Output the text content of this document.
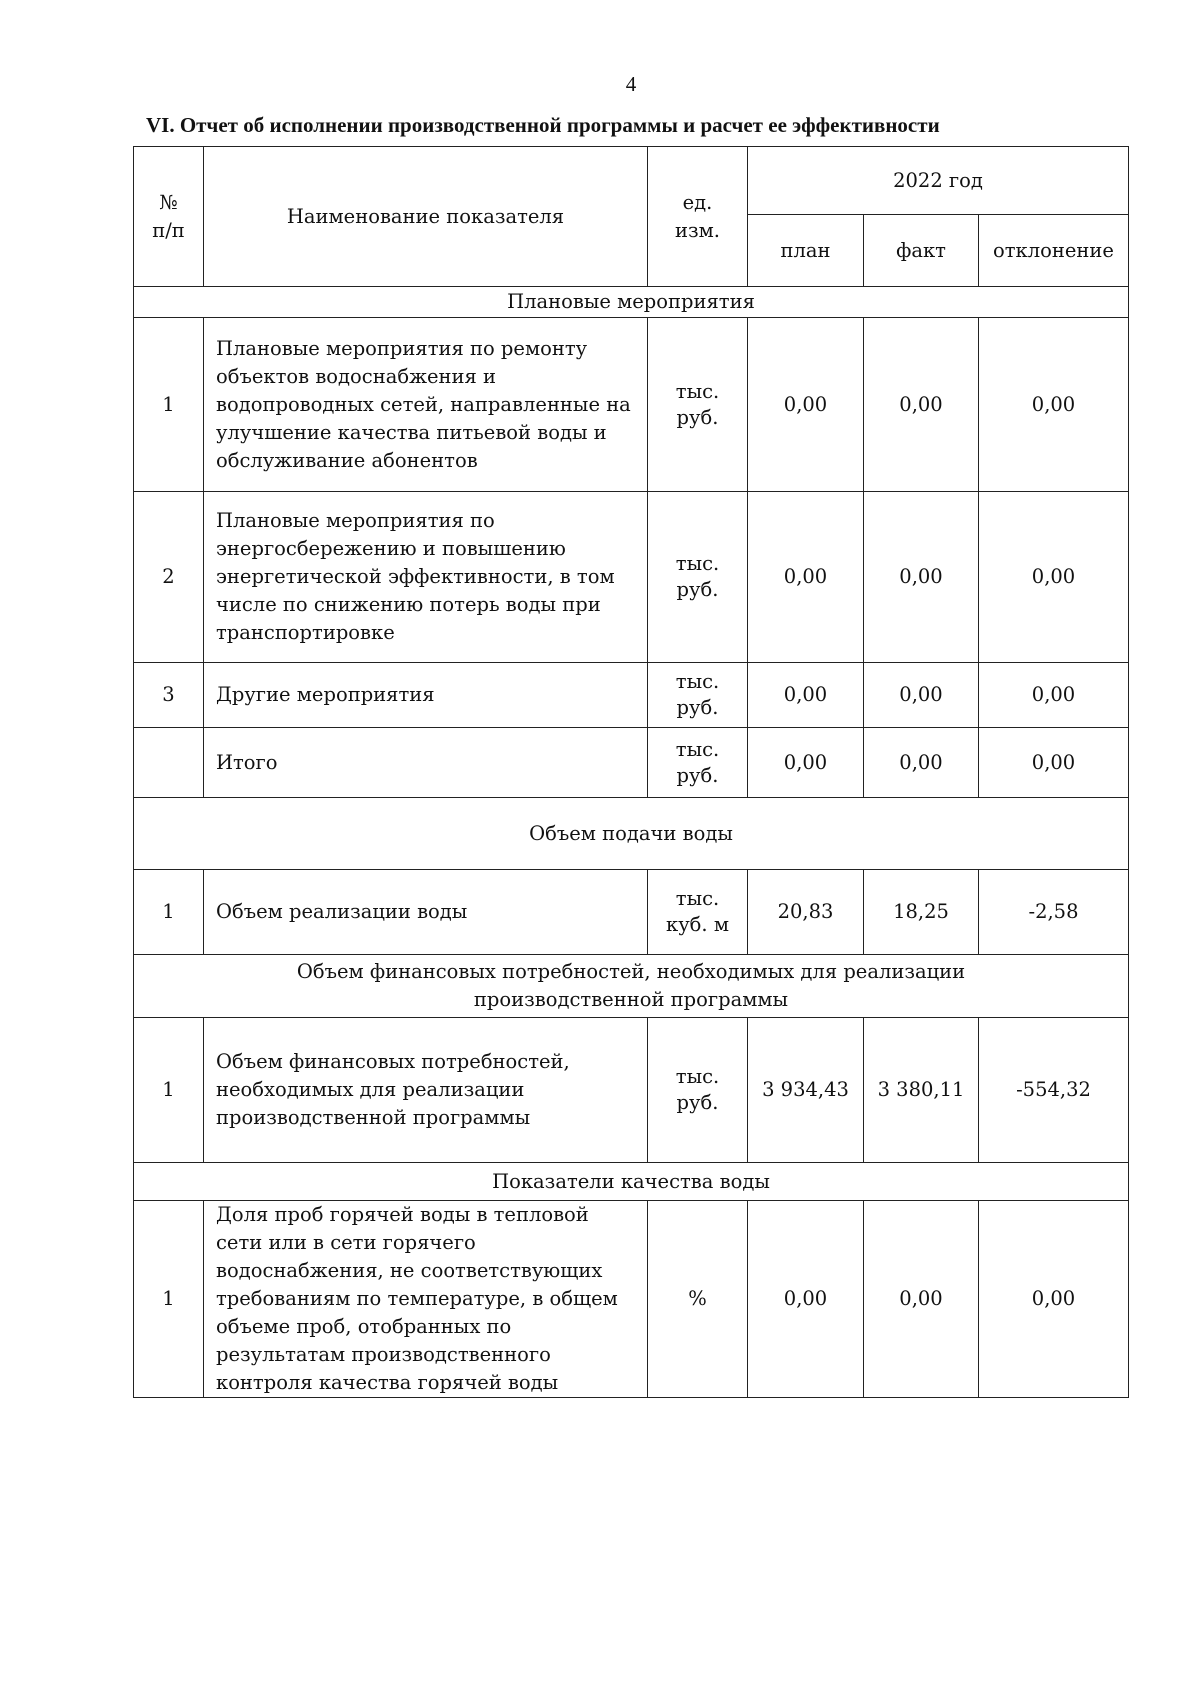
4
VI. Отчет об исполнении производственной программы и расчет ее эффективности
№ п/п	Наименование показателя	ед. изм.	2022 год		
			план	факт	отклонение
Плановые мероприятия					
1	Плановые мероприятия по ремонту объектов водоснабжения и водопроводных сетей, направленные на улучшение качества питьевой воды и обслуживание абонентов	тыс. руб.	0,00	0,00	0,00
2	Плановые мероприятия по энергосбережению и повышению энергетической эффективности, в том числе по снижению потерь воды при транспортировке	тыс. руб.	0,00	0,00	0,00
3	Другие мероприятия	тыс. руб.	0,00	0,00	0,00
	Итого	тыс. руб.	0,00	0,00	0,00
Объем подачи воды					
1	Объем реализации воды	тыс. куб. м	20,83	18,25	-2,58

Объем финансовых потребностей, необходимых для реализации производственной программы					

1	Объем финансовых потребностей, необходимых для реализации производственной программы	тыс. руб.	3 934,43	3 380,11	-554,32
Показатели качества воды					
1	Доля проб горячей воды в тепловой сети или в сети горячего водоснабжения, не соответствующих требованиям по температуре, в общем объеме проб, отобранных по результатам производственного контроля качества горячей воды	%	0,00	0,00	0,00
